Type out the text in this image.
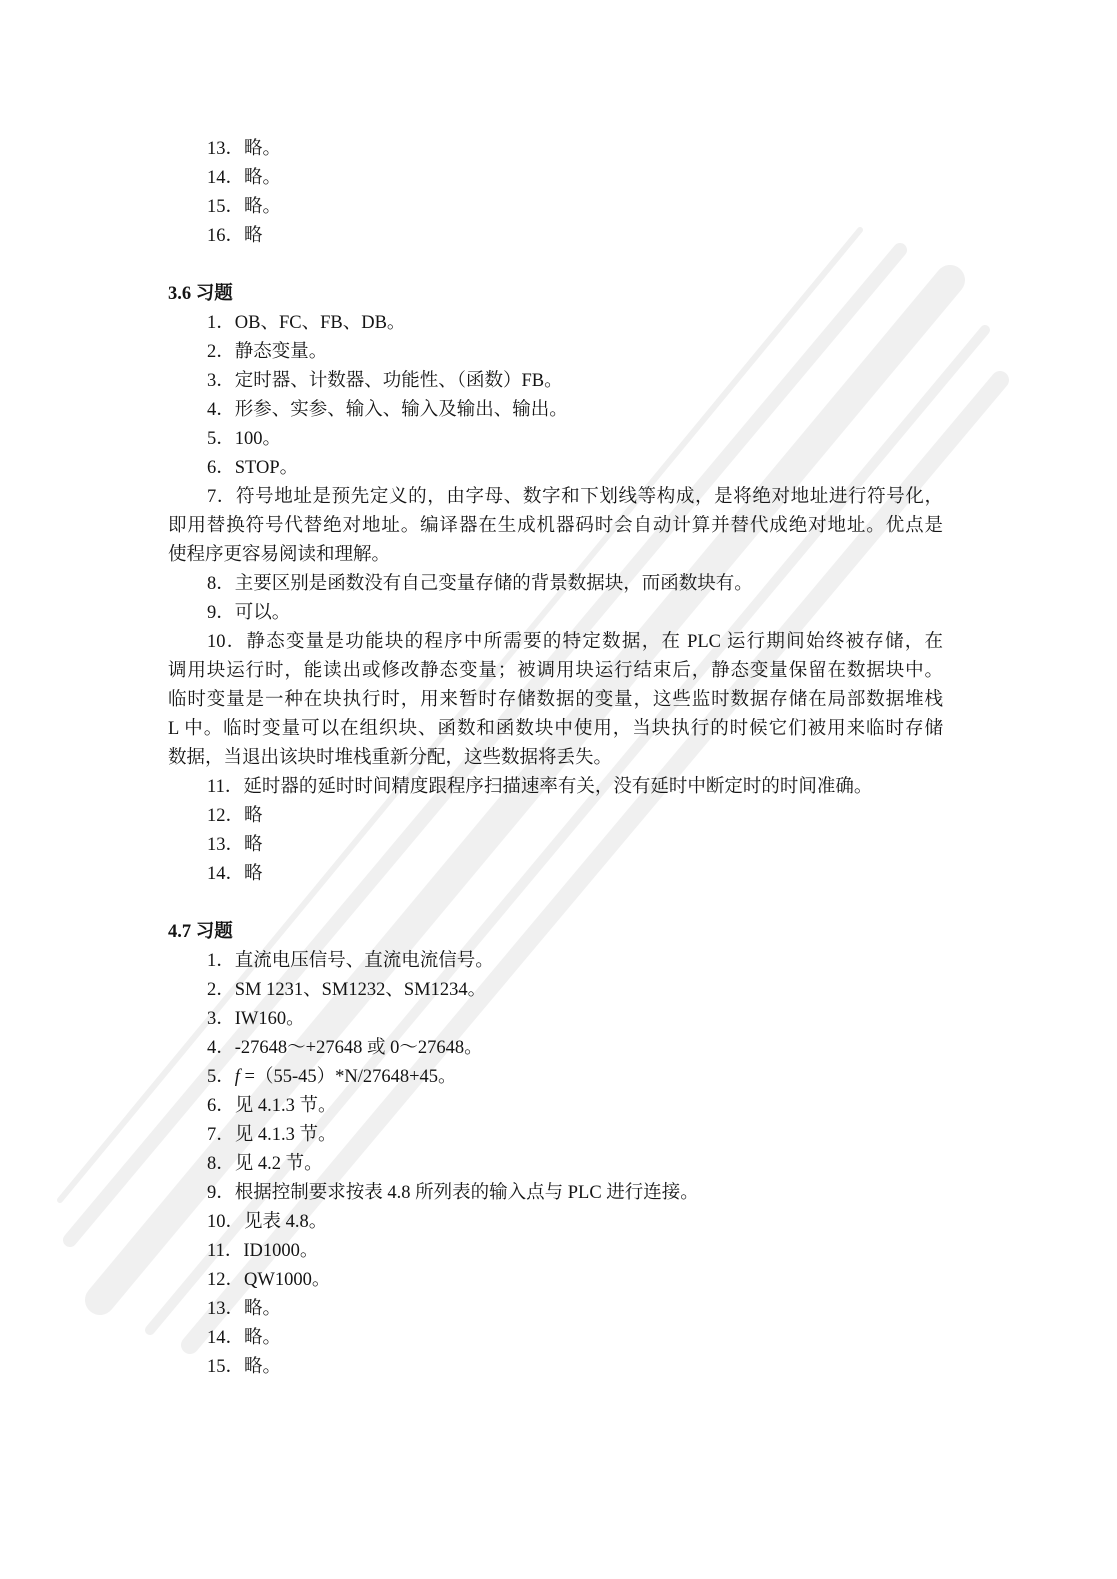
13．略。
14．略。
15．略。
16．略
3.6 习题
1．OB、FC、FB、DB。
2．静态变量。
3．定时器、计数器、功能性、（函数）FB。
4．形参、实参、输入、输入及输出、输出。
5．100。
6．STOP。
7．符号地址是预先定义的，由字母、数字和下划线等构成，是将绝对地址进行符号化，
即用替换符号代替绝对地址。编译器在生成机器码时会自动计算并替代成绝对地址。优点是
使程序更容易阅读和理解。
8．主要区别是函数没有自己变量存储的背景数据块，而函数块有。
9．可以。
10．静态变量是功能块的程序中所需要的特定数据，在 PLC 运行期间始终被存储，在
调用块运行时，能读出或修改静态变量；被调用块运行结束后，静态变量保留在数据块中。
临时变量是一种在块执行时，用来暂时存储数据的变量，这些监时数据存储在局部数据堆栈
L 中。临时变量可以在组织块、函数和函数块中使用，当块执行的时候它们被用来临时存储
数据，当退出该块时堆栈重新分配，这些数据将丢失。
11．延时器的延时时间精度跟程序扫描速率有关，没有延时中断定时的时间准确。
12．略
13．略
14．略
4.7 习题
1．直流电压信号、直流电流信号。
2．SM 1231、SM1232、SM1234。
3．IW160。
4．-27648～+27648 或 0～27648。
5．f =（55-45）*N/27648+45。
6．见 4.1.3 节。
7．见 4.1.3 节。
8．见 4.2 节。
9．根据控制要求按表 4.8 所列表的输入点与 PLC 进行连接。
10．见表 4.8。
11．ID1000。
12．QW1000。
13．略。
14．略。
15．略。
